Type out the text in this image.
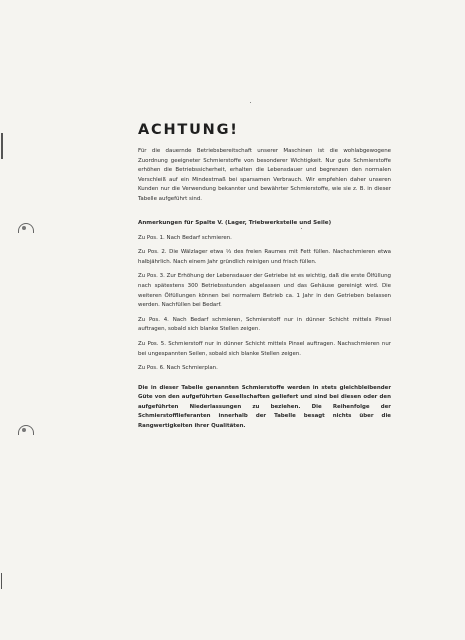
ACHTUNG!

Für die dauernde Betriebsbereitschaft unserer Maschinen ist die wohlabgewogene Zuordnung geeigneter Schmierstoffe von besonderer Wichtigkeit. Nur gute Schmierstoffe erhöhen die Betriebssicherheit, erhalten die Lebensdauer und begrenzen den normalen Verschleiß auf ein Mindestmaß bei sparsamen Verbrauch. Wir empfehlen daher unseren Kunden nur die Verwendung bekannter und bewährter Schmierstoffe, wie sie z. B. in dieser Tabelle aufgeführt sind.

Anmerkungen für Spalte V. (Lager, Triebwerksteile und Seile)

Zu Pos. 1. Nach Bedarf schmieren.

Zu Pos. 2. Die Wälzlager etwa ⅓ des freien Raumes mit Fett füllen. Nachschmieren etwa halbjährlich. Nach einem Jahr gründlich reinigen und frisch füllen.

Zu Pos. 3. Zur Erhöhung der Lebensdauer der Getriebe ist es wichtig, daß die erste Ölfüllung nach spätestens 300 Betriebsstunden abgelassen und das Gehäuse gereinigt wird. Die weiteren Ölfüllungen können bei normalem Betrieb ca. 1 Jahr in den Getrieben belassen werden. Nachfüllen bei Bedarf.

Zu Pos. 4. Nach Bedarf schmieren, Schmierstoff nur in dünner Schicht mittels Pinsel auftragen, sobald sich blanke Stellen zeigen.

Zu Pos. 5. Schmierstoff nur in dünner Schicht mittels Pinsel auftragen. Nachschmieren nur bei ungespannten Seilen, sobald sich blanke Stellen zeigen.

Zu Pos. 6. Nach Schmierplan.

Die in dieser Tabelle genannten Schmierstoffe werden in stets gleichbleibender Güte von den aufgeführten Gesellschaften geliefert und sind bei diesen oder den aufgeführten Niederlassungen zu beziehen. Die Reihenfolge der Schmierstofflieferanten innerhalb der Tabelle besagt nichts über die Rangwertigkeiten ihrer Qualitäten.
